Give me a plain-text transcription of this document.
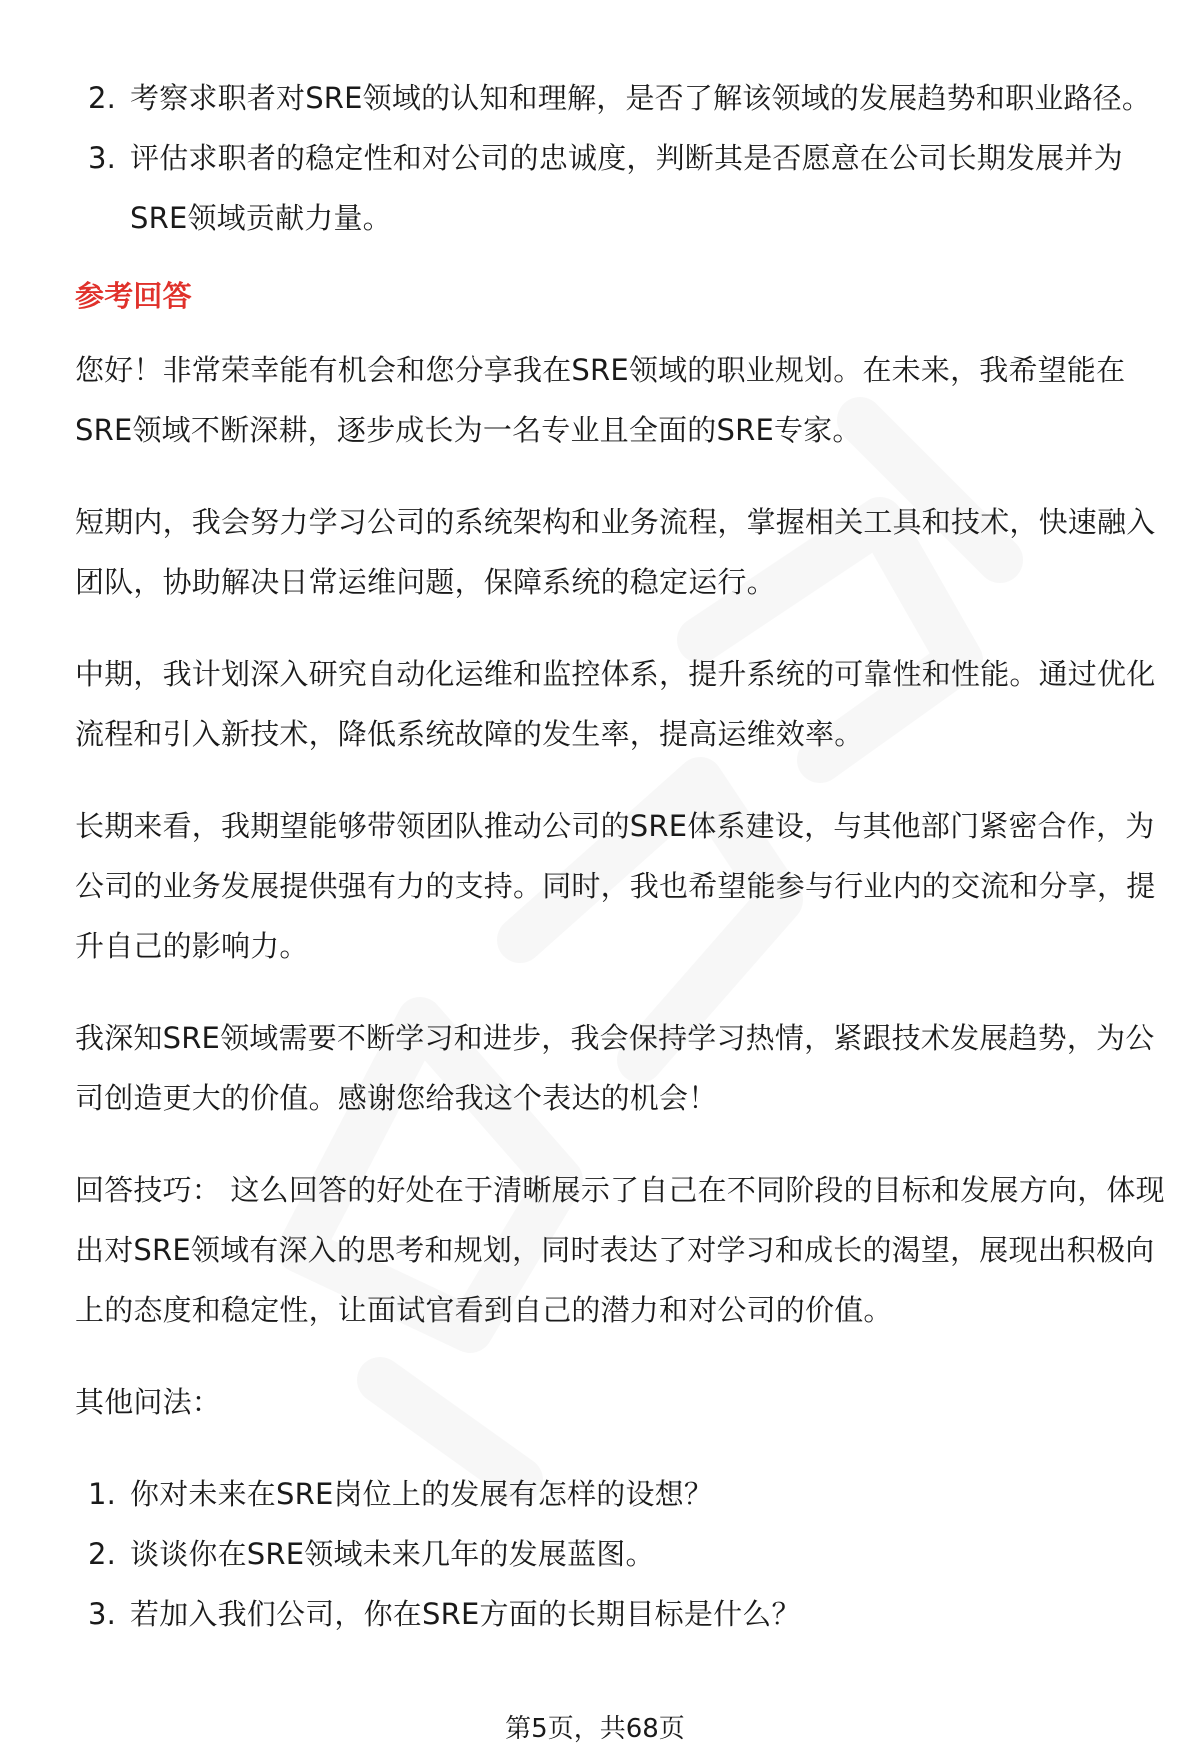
2. 考察求职者对SRE领域的认知和理解，是否了解该领域的发展趋势和职业路径。
3. 评估求职者的稳定性和对公司的忠诚度，判断其是否愿意在公司长期发展并为SRE领域贡献力量。
参考回答

您好！非常荣幸能有机会和您分享我在SRE领域的职业规划。在未来，我希望能在SRE领域不断深耕，逐步成长为一名专业且全面的SRE专家。

短期内，我会努力学习公司的系统架构和业务流程，掌握相关工具和技术，快速融入团队，协助解决日常运维问题，保障系统的稳定运行。

中期，我计划深入研究自动化运维和监控体系，提升系统的可靠性和性能。通过优化流程和引入新技术，降低系统故障的发生率，提高运维效率。

长期来看，我期望能够带领团队推动公司的SRE体系建设，与其他部门紧密合作，为公司的业务发展提供强有力的支持。同时，我也希望能参与行业内的交流和分享，提升自己的影响力。

我深知SRE领域需要不断学习和进步，我会保持学习热情，紧跟技术发展趋势，为公司创造更大的价值。感谢您给我这个表达的机会！

回答技巧： 这么回答的好处在于清晰展示了自己在不同阶段的目标和发展方向，体现出对SRE领域有深入的思考和规划，同时表达了对学习和成长的渴望，展现出积极向上的态度和稳定性，让面试官看到自己的潜力和对公司的价值。

其他问法：

1. 你对未来在SRE岗位上的发展有怎样的设想？
2. 谈谈你在SRE领域未来几年的发展蓝图。
3. 若加入我们公司，你在SRE方面的长期目标是什么？
第5页，共68页
